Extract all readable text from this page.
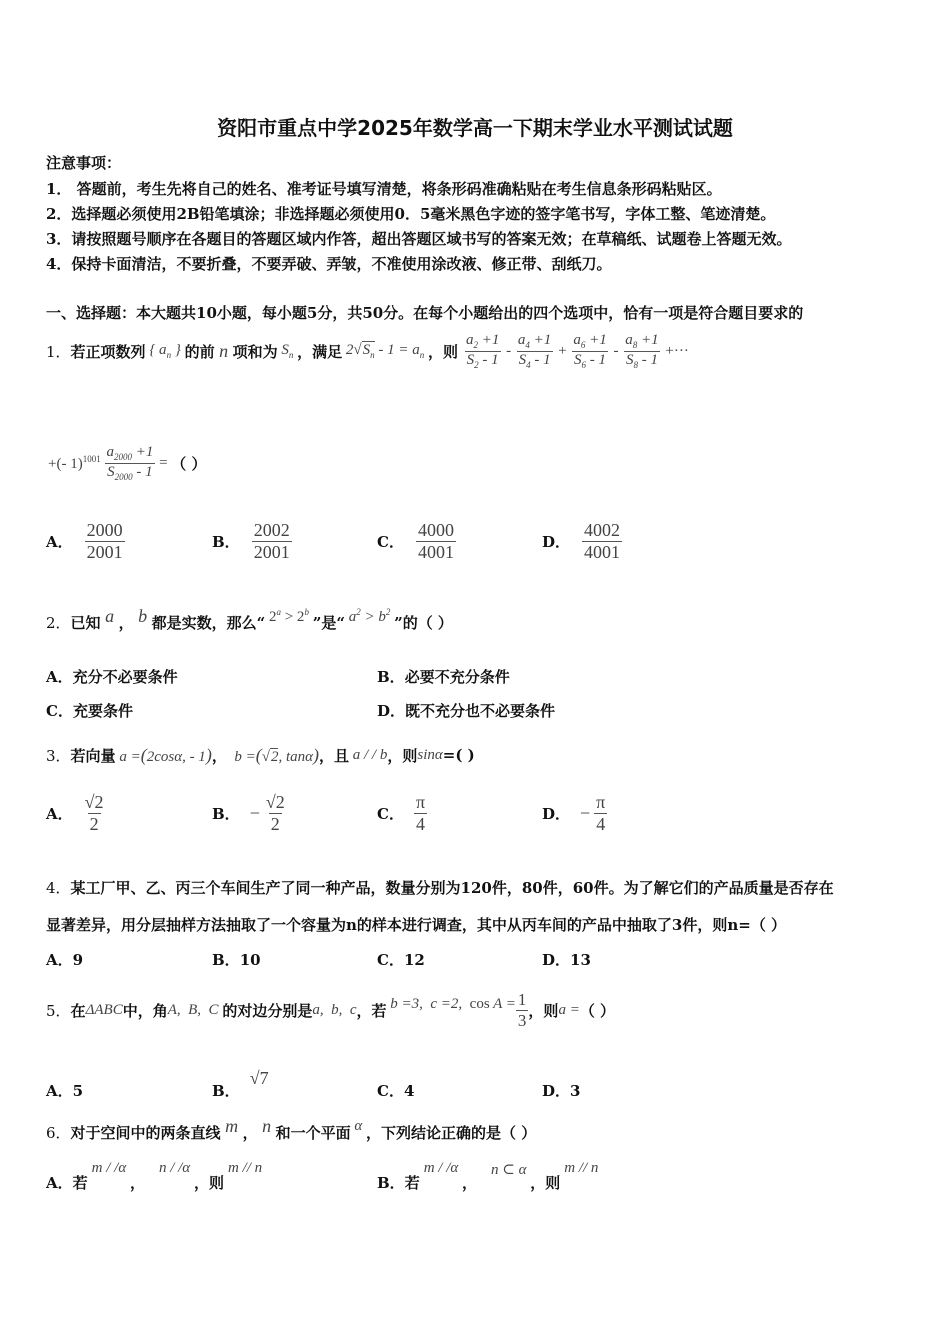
资阳市重点中学2025年数学高一下期末学业水平测试试题
注意事项：
1． 答题前，考生先将自己的姓名、准考证号填写清楚，将条形码准确粘贴在考生信息条形码粘贴区。
2．选择题必须使用2B铅笔填涂；非选择题必须使用0．5毫米黑色字迹的签字笔书写，字体工整、笔迹清楚。
3．请按照题号顺序在各题目的答题区域内作答，超出答题区域书写的答案无效；在草稿纸、试题卷上答题无效。
4．保持卡面清洁，不要折叠，不要弄破、弄皱，不准使用涂改液、修正带、刮纸刀。
一、选择题：本大题共10小题，每小题5分，共50分。在每个小题给出的四个选项中，恰有一项是符合题目要求的
1． 若正项数列 { $a_n$ } 的前 n 项和为 $S_n$ ，满足 $2√S_n - 1 = a_n$ ，则 $\frac{a_2 +1}{S_2 - 1} - \frac{a_4 +1}{S_4 - 1} + \frac{a_6 +1}{S_6 - 1} - \frac{a_8 +1}{S_8 - 1}$ +···
+(- $1)^{1001} \frac{a_{2000} +1}{S_{2000} - 1}$ = （ ）
A． $\frac{2000}{2001}$	B． $\frac{2002}{2001}$	C． $\frac{4000}{4001}$	D． $\frac{4002}{4001}$
2． 已知 a ， b 都是实数，那么“ $2^a > 2^b$
”是“ $a^2 > b^2$
”的（ ）
A．充分不必要条件	B．必要不充分条件
C．充要条件	D．既不充分也不必要条件
3． 若向量 a =(2cosα, - 1) ， b =(√2, tanα) ，且 a / / b ，则 sinα =( )
A． $\frac{√2}{2}$	B． − $\frac{√2}{2}$	C． $\frac{\pi}{4}$	D． − $\frac{\pi}{4}$
4．某工厂甲、乙、丙三个车间生产了同一种产品，数量分别为120件，80件，60件。为了解它们的产品质量是否存在
显著差异，用分层抽样方法抽取了一个容量为n的样本进行调查，其中从丙车间的产品中抽取了3件，则n=（ ）
A．9	B．10	C．12	D．13
5． 在 ΔABC 中，角 A,  B,  C 的对边分别是 a,  b,  c ，若 b =3,  c =2,  $\cos A = \frac{1}{3}$ ，则 a = （ ）
A．5	B．
√7
C．4	D．3
6． 对于空间中的两条直线 m ， n 和一个平面 α ，下列结论正确的是（ ）
A． 若
m / /α
，
n / /α
，则
m // n
B． 若
m / /α
，
n ⊂ α
，则
m // n
